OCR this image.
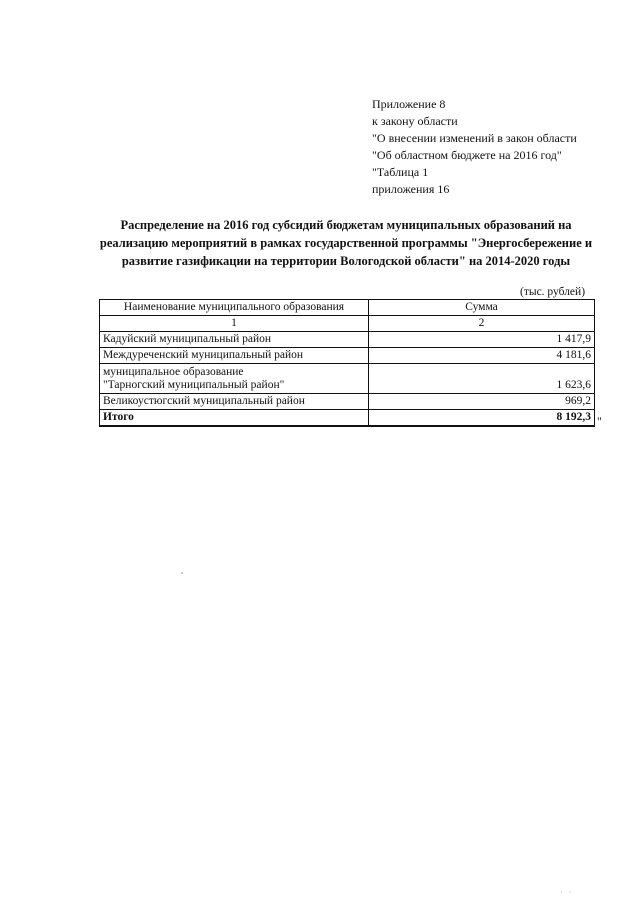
Приложение 8
к закону области
"О внесении изменений в закон области
"Об областном бюджете на 2016 год"
"Таблица 1
приложения 16
Распределение на 2016 год субсидий бюджетам муниципальных образований на реализацию мероприятий в рамках государственной программы "Энергосбережение и развитие газификации на территории Вологодской области" на 2014-2020 годы
(тыс. рублей)
Наименование муниципального образования	Сумма
1	2
Кадуйский муниципальный район	1 417,9
Междуреченский муниципальный район	4 181,6

муниципальное образование
"Тарногский муниципальный район"	1 623,6
Великоустюгский муниципальный район	969,2
Итого	8 192,3 "
· ·
